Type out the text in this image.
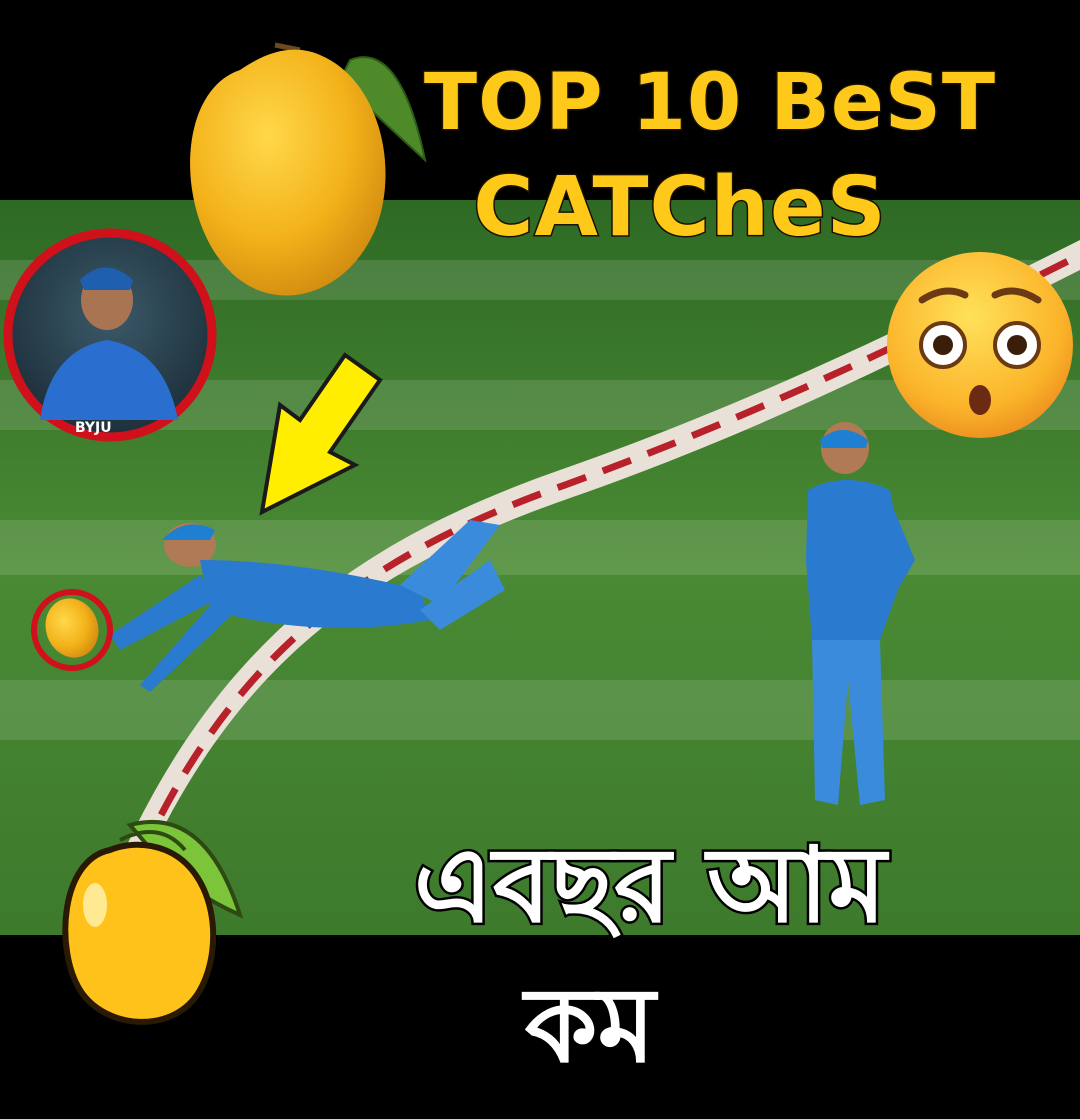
BYJU
TOP 10 BeST
CATCheS
এবছর আম
কম
